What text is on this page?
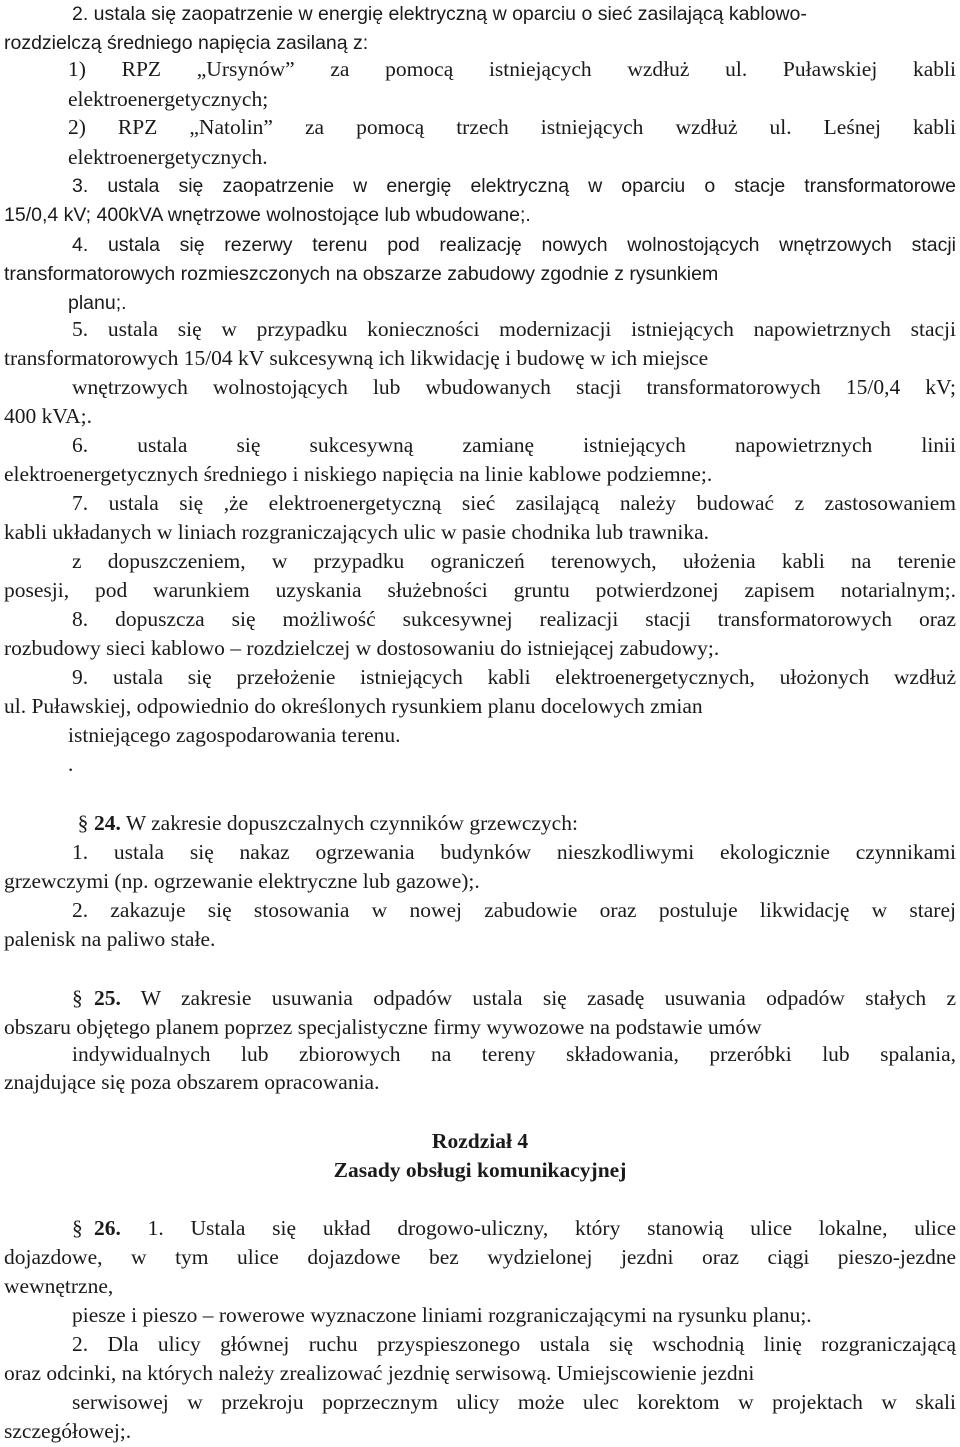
2. ustala się zaopatrzenie w energię elektryczną w oparciu o sieć zasilającą kablowo-
rozdzielczą średniego napięcia zasilaną z:
1) RPZ „Ursynów” za pomocą istniejących wzdłuż ul. Puławskiej kabli
elektroenergetycznych;
2) RPZ „Natolin” za pomocą trzech istniejących wzdłuż ul. Leśnej kabli
elektroenergetycznych.
3. ustala się zaopatrzenie w energię elektryczną w oparciu o stacje transformatorowe
15/0,4 kV; 400kVA wnętrzowe wolnostojące lub wbudowane;.
4. ustala się rezerwy terenu pod realizację nowych wolnostojących wnętrzowych stacji
transformatorowych rozmieszczonych na obszarze zabudowy zgodnie z rysunkiem
planu;.
5. ustala się w przypadku konieczności modernizacji istniejących napowietrznych stacji
transformatorowych 15/04 kV sukcesywną ich likwidację i budowę w ich miejsce
wnętrzowych wolnostojących lub wbudowanych stacji transformatorowych 15/0,4 kV;
400 kVA;.
6. ustala się sukcesywną zamianę istniejących napowietrznych linii
elektroenergetycznych średniego i niskiego napięcia na linie kablowe podziemne;.
7. ustala się ,że elektroenergetyczną sieć zasilającą należy budować z zastosowaniem
kabli układanych w liniach rozgraniczających ulic w pasie chodnika lub trawnika.
z dopuszczeniem, w przypadku ograniczeń terenowych, ułożenia kabli na terenie
posesji, pod warunkiem uzyskania służebności gruntu potwierdzonej zapisem notarialnym;.
8. dopuszcza się możliwość sukcesywnej realizacji stacji transformatorowych oraz
rozbudowy sieci kablowo – rozdzielczej w dostosowaniu do istniejącej zabudowy;.
9. ustala się przełożenie istniejących kabli elektroenergetycznych, ułożonych wzdłuż
ul. Puławskiej, odpowiednio do określonych rysunkiem planu docelowych zmian
istniejącego zagospodarowania terenu.
.
§ 24. W zakresie dopuszczalnych czynników grzewczych:
1. ustala się nakaz ogrzewania budynków nieszkodliwymi ekologicznie czynnikami
grzewczymi (np. ogrzewanie elektryczne lub gazowe);.
2. zakazuje się stosowania w nowej zabudowie oraz postuluje likwidację w starej
palenisk na paliwo stałe.
§ 25. W zakresie usuwania odpadów ustala się zasadę usuwania odpadów stałych z
obszaru objętego planem poprzez specjalistyczne firmy wywozowe na podstawie umów
indywidualnych lub zbiorowych na tereny składowania, przeróbki lub spalania,
znajdujące się poza obszarem opracowania.
Rozdział 4
Zasady obsługi komunikacyjnej
§ 26. 1. Ustala się układ drogowo-uliczny, który stanowią ulice lokalne, ulice
dojazdowe, w tym ulice dojazdowe bez wydzielonej jezdni oraz ciągi pieszo-jezdne
wewnętrzne,
piesze i pieszo – rowerowe wyznaczone liniami rozgraniczającymi na rysunku planu;.
2. Dla ulicy głównej ruchu przyspieszonego ustala się wschodnią linię rozgraniczającą
oraz odcinki, na których należy zrealizować jezdnię serwisową. Umiejscowienie jezdni
serwisowej w przekroju poprzecznym ulicy może ulec korektom w projektach w skali
szczegółowej;.
